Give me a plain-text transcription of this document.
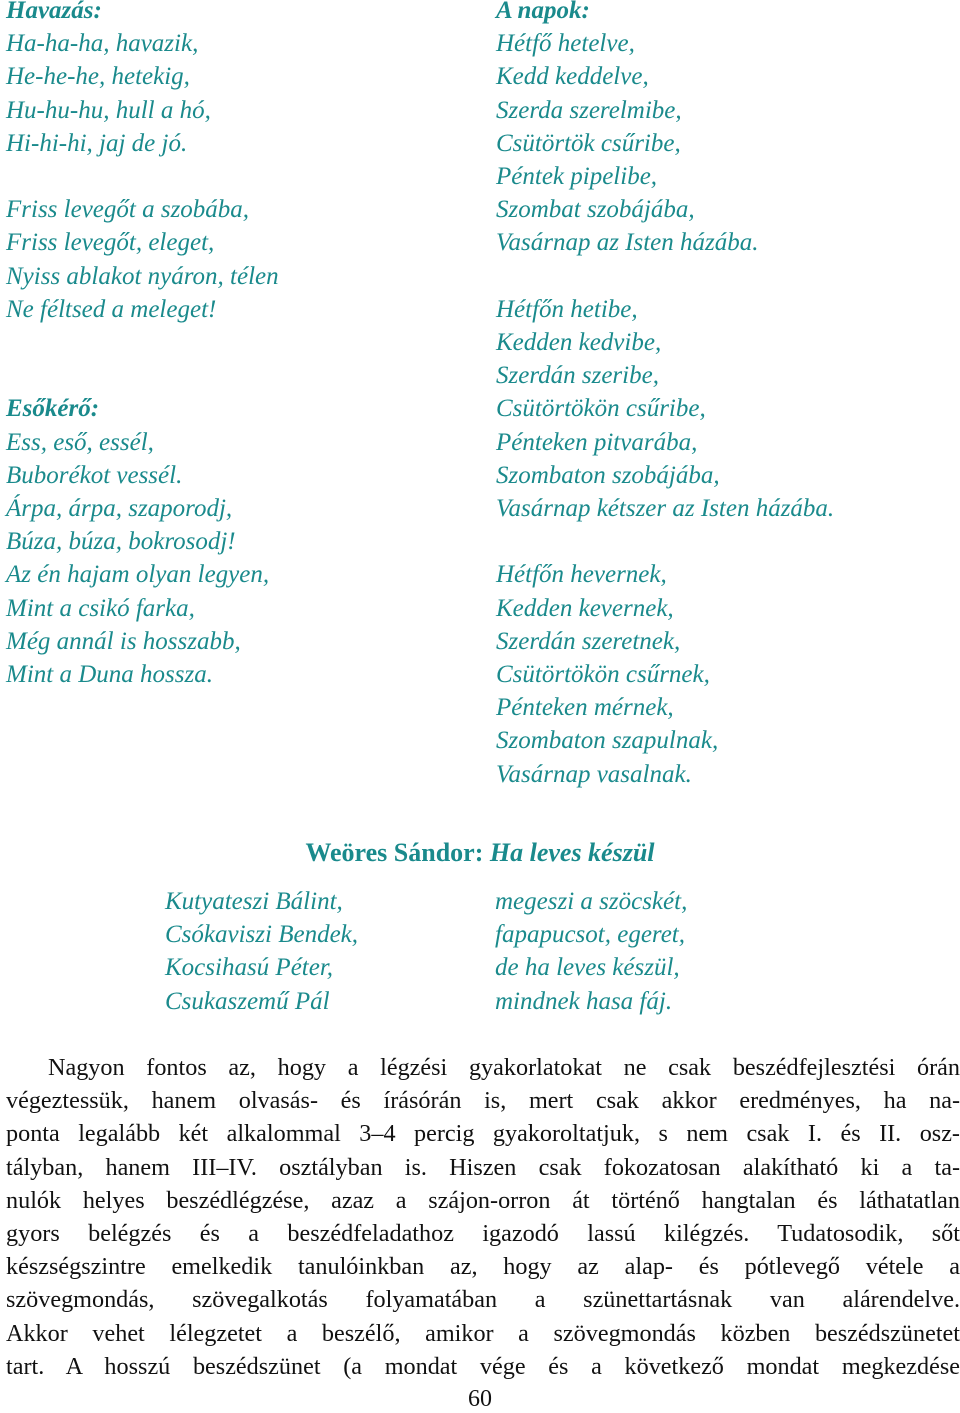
Havazás:
Ha-ha-ha, havazik,
He-he-he, hetekig,
Hu-hu-hu, hull a hó,
Hi-hi-hi, jaj de jó.
Friss levegőt a szobába,
Friss levegőt, eleget,
Nyiss ablakot nyáron, télen
Ne féltsed a meleget!
Esőkérő:
Ess, eső, essél,
Buborékot vessél.
Árpa, árpa, szaporodj,
Búza, búza, bokrosodj!
Az én hajam olyan legyen,
Mint a csikó farka,
Még annál is hosszabb,
Mint a Duna hossza.
A napok:
Hétfő hetelve,
Kedd keddelve,
Szerda szerelmibe,
Csütörtök csűribe,
Péntek pipelibe,
Szombat szobájába,
Vasárnap az Isten házába.
Hétfőn hetibe,
Kedden kedvibe,
Szerdán szeribe,
Csütörtökön csűribe,
Pénteken pitvarába,
Szombaton szobájába,
Vasárnap kétszer az Isten házába.
Hétfőn hevernek,
Kedden kevernek,
Szerdán szeretnek,
Csütörtökön csűrnek,
Pénteken mérnek,
Szombaton szapulnak,
Vasárnap vasalnak.
Weöres Sándor: Ha leves készül
Kutyateszi Bálint,
Csókaviszi Bendek,
Kocsihasú Péter,
Csukaszemű Pál
megeszi a szöcskét,
fapapucsot, egeret,
de ha leves készül,
mindnek hasa fáj.
Nagyon fontos az, hogy a légzési gyakorlatokat ne csak beszédfejlesztési órán
végeztessük, hanem olvasás- és írásórán is, mert csak akkor eredményes, ha na-
ponta legalább két alkalommal 3–4 percig gyakoroltatjuk, s nem csak I. és II. osz-
tályban, hanem III–IV. osztályban is. Hiszen csak fokozatosan alakítható ki a ta-
nulók helyes beszédlégzése, azaz a szájon-orron át történő hangtalan és láthatatlan
gyors belégzés és a beszédfeladathoz igazodó lassú kilégzés. Tudatosodik, sőt
készségszintre emelkedik tanulóinkban az, hogy az alap- és pótlevegő vétele a
szövegmondás, szövegalkotás folyamatában a szünettartásnak van alárendelve.
Akkor vehet lélegzetet a beszélő, amikor a szövegmondás közben beszédszünetet
tart. A hosszú beszédszünet (a mondat vége és a következő mondat megkezdése
60
